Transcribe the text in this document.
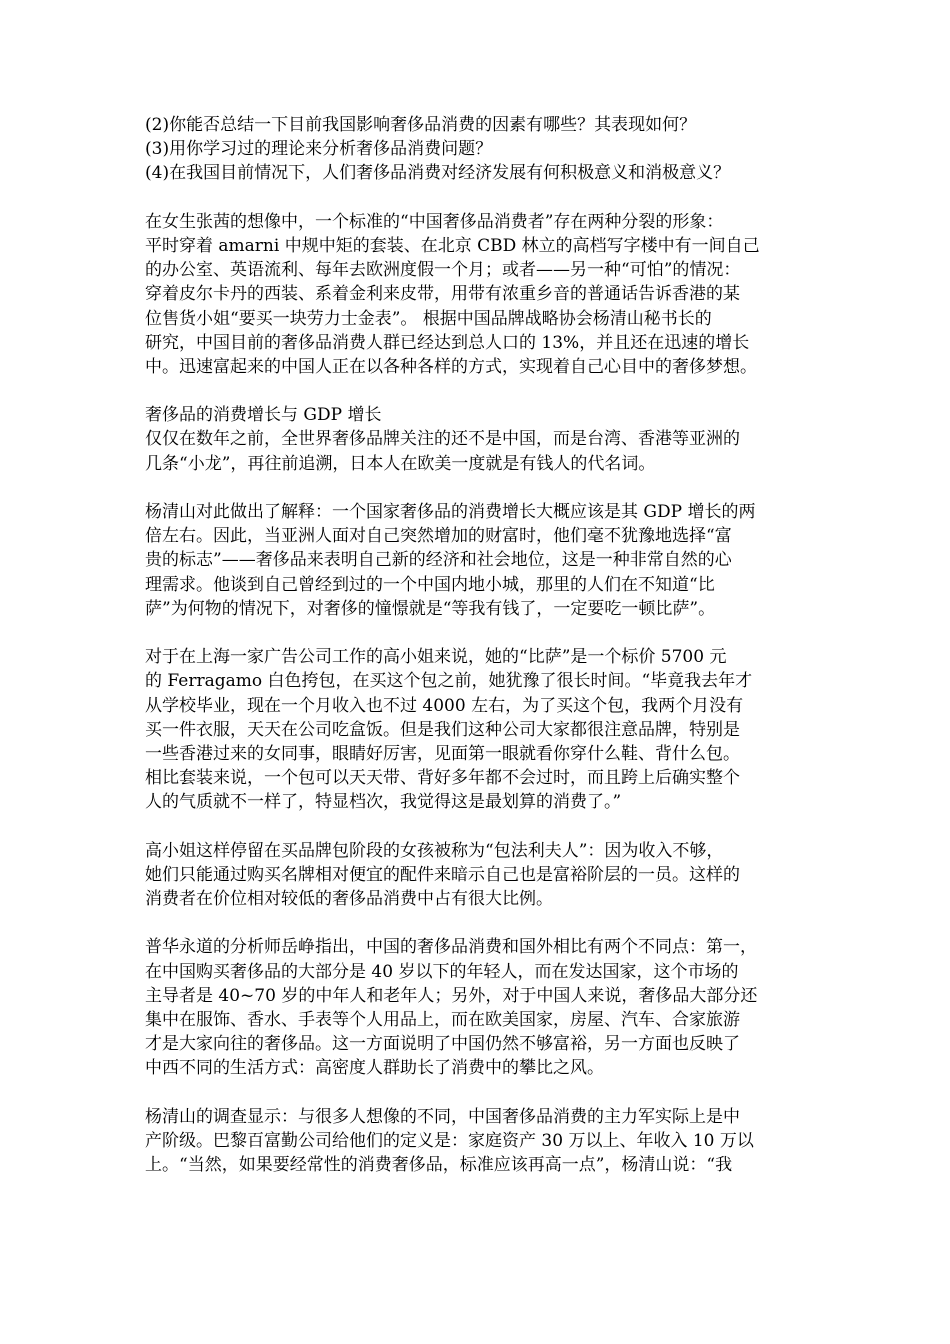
(2)你能否总结一下目前我国影响奢侈品消费的因素有哪些？其表现如何？
(3)用你学习过的理论来分析奢侈品消费问题？
(4)在我国目前情况下，人们奢侈品消费对经济发展有何积极意义和消极意义？
在女生张茜的想像中，一个标准的“中国奢侈品消费者”存在两种分裂的形象：
平时穿着 amarni 中规中矩的套装、在北京 CBD 林立的高档写字楼中有一间自己
的办公室、英语流利、每年去欧洲度假一个月；或者——另一种“可怕”的情况：
穿着皮尔卡丹的西装、系着金利来皮带，用带有浓重乡音的普通话告诉香港的某
位售货小姐“要买一块劳力士金表”。 根据中国品牌战略协会杨清山秘书长的
研究，中国目前的奢侈品消费人群已经达到总人口的 13%，并且还在迅速的增长
中。迅速富起来的中国人正在以各种各样的方式，实现着自己心目中的奢侈梦想。
奢侈品的消费增长与 GDP 增长
仅仅在数年之前，全世界奢侈品牌关注的还不是中国，而是台湾、香港等亚洲的
几条“小龙”，再往前追溯，日本人在欧美一度就是有钱人的代名词。
杨清山对此做出了解释：一个国家奢侈品的消费增长大概应该是其 GDP 增长的两
倍左右。因此，当亚洲人面对自己突然增加的财富时，他们毫不犹豫地选择“富
贵的标志”——奢侈品来表明自己新的经济和社会地位，这是一种非常自然的心
理需求。他谈到自己曾经到过的一个中国内地小城，那里的人们在不知道“比
萨”为何物的情况下，对奢侈的憧憬就是“等我有钱了，一定要吃一顿比萨”。
对于在上海一家广告公司工作的高小姐来说，她的“比萨”是一个标价 5700 元
的 Ferragamo 白色挎包，在买这个包之前，她犹豫了很长时间。“毕竟我去年才
从学校毕业，现在一个月收入也不过 4000 左右，为了买这个包，我两个月没有
买一件衣服，天天在公司吃盒饭。但是我们这种公司大家都很注意品牌，特别是
一些香港过来的女同事，眼睛好厉害，见面第一眼就看你穿什么鞋、背什么包。
相比套装来说，一个包可以天天带、背好多年都不会过时，而且跨上后确实整个
人的气质就不一样了，特显档次，我觉得这是最划算的消费了。”
高小姐这样停留在买品牌包阶段的女孩被称为“包法利夫人”：因为收入不够，
她们只能通过购买名牌相对便宜的配件来暗示自己也是富裕阶层的一员。这样的
消费者在价位相对较低的奢侈品消费中占有很大比例。
普华永道的分析师岳峥指出，中国的奢侈品消费和国外相比有两个不同点：第一，
在中国购买奢侈品的大部分是 40 岁以下的年轻人，而在发达国家，这个市场的
主导者是 40~70 岁的中年人和老年人；另外，对于中国人来说，奢侈品大部分还
集中在服饰、香水、手表等个人用品上，而在欧美国家，房屋、汽车、合家旅游
才是大家向往的奢侈品。这一方面说明了中国仍然不够富裕，另一方面也反映了
中西不同的生活方式：高密度人群助长了消费中的攀比之风。
杨清山的调查显示：与很多人想像的不同，中国奢侈品消费的主力军实际上是中
产阶级。巴黎百富勤公司给他们的定义是：家庭资产 30 万以上、年收入 10 万以
上。“当然，如果要经常性的消费奢侈品，标准应该再高一点”，杨清山说：“我
